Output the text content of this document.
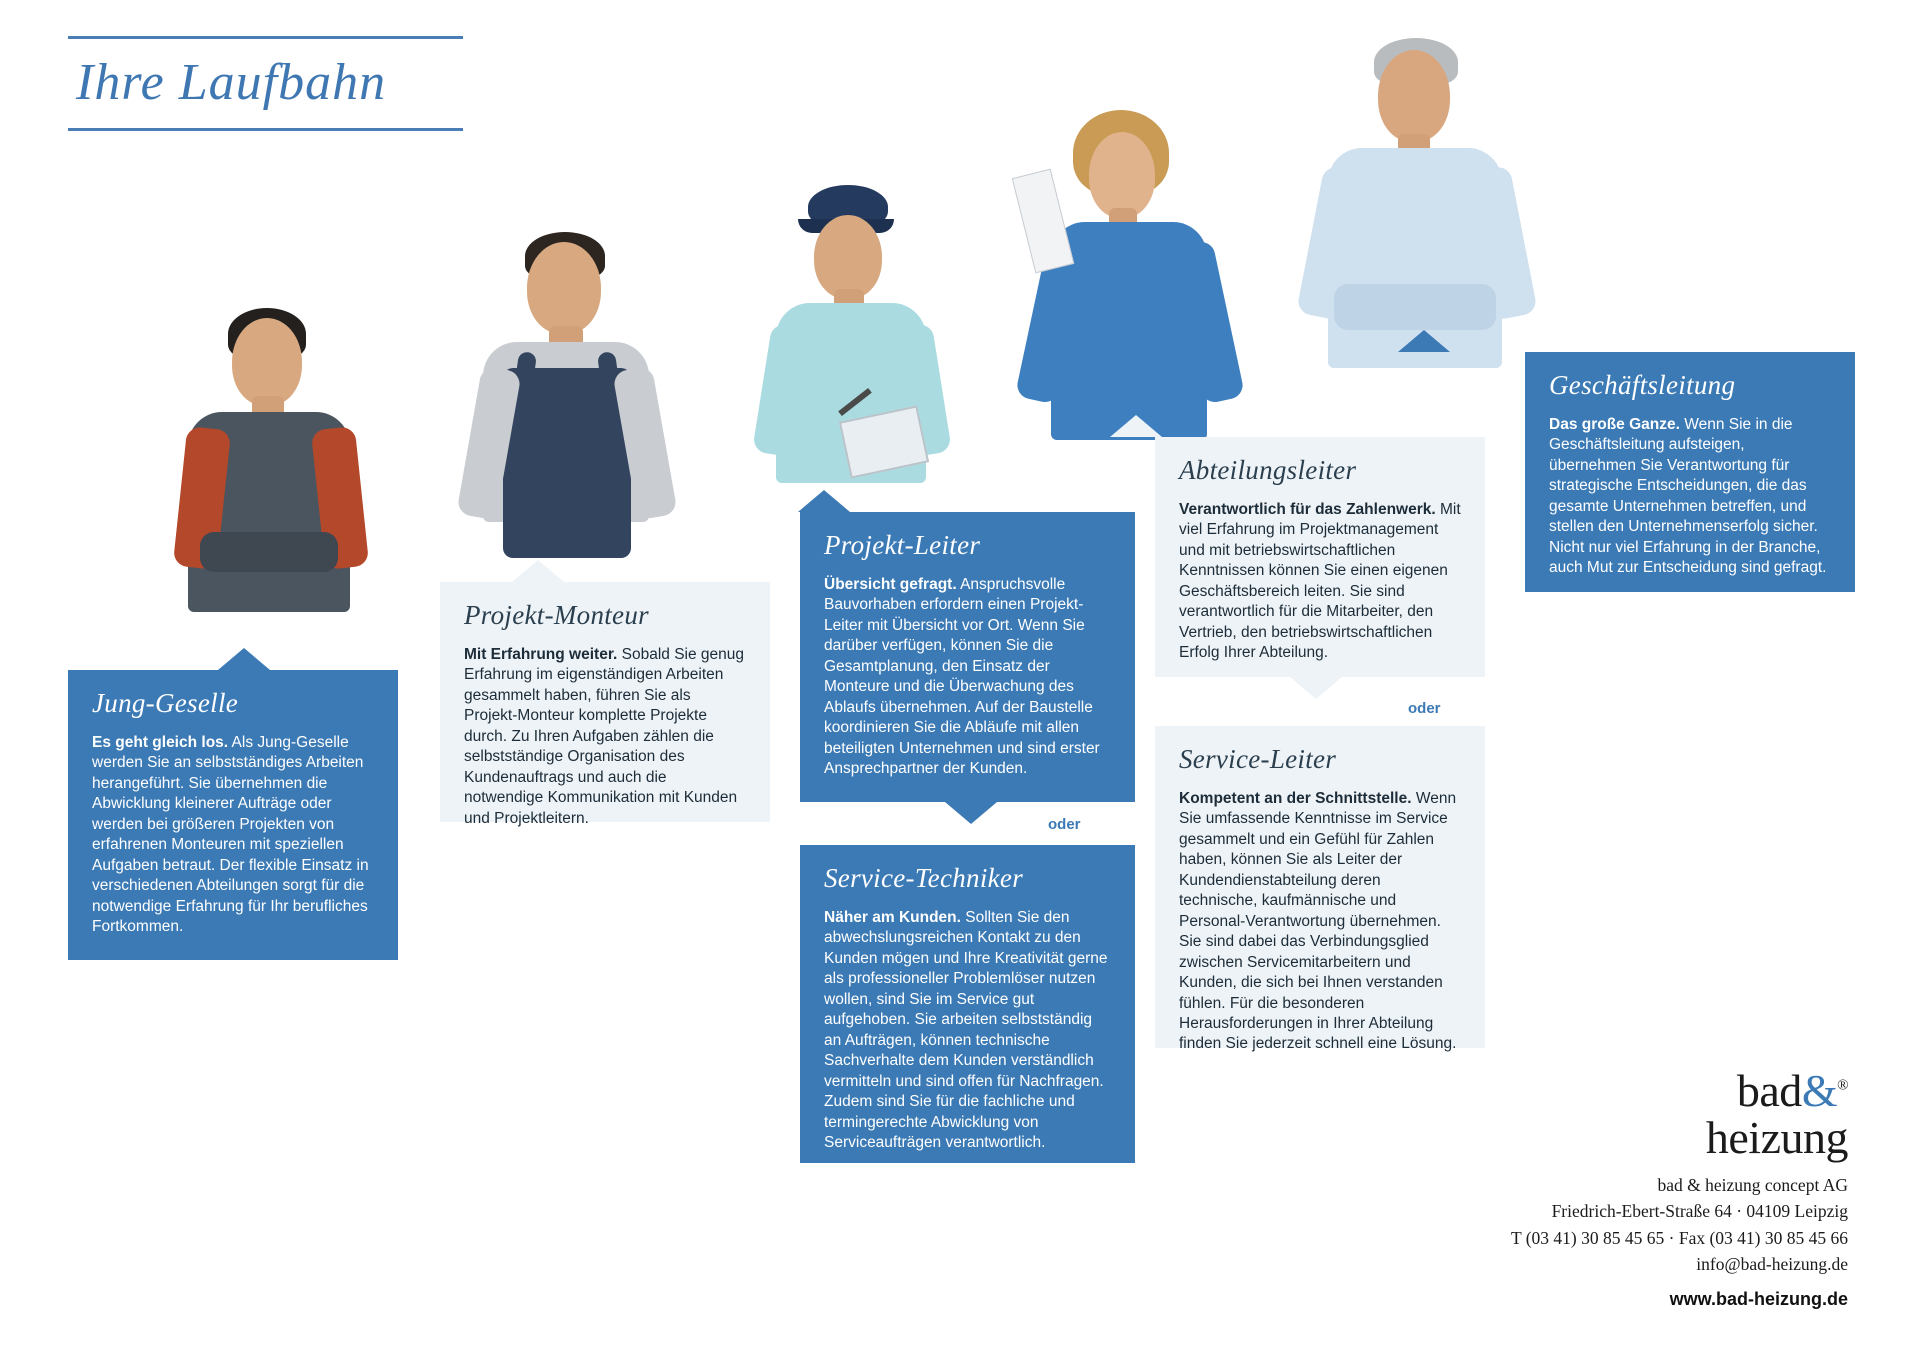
Ihre Laufbahn
Jung-Geselle

Es geht gleich los. Als Jung-Geselle werden Sie an selbstständiges Arbeiten herangeführt. Sie übernehmen die Abwicklung kleinerer Aufträge oder werden bei größeren Projekten von erfahrenen Monteuren mit speziellen Aufgaben betraut. Der flexible Einsatz in verschiedenen Abteilungen sorgt für die notwendige Erfahrung für Ihr berufliches Fortkommen.

Projekt-Monteur

Mit Erfahrung weiter. Sobald Sie genug Erfahrung im eigenständigen Arbeiten gesammelt haben, führen Sie als Projekt-Monteur komplette Projekte durch. Zu Ihren Aufgaben zählen die selbstständige Organisation des Kundenauftrags und auch die notwendige Kommunikation mit Kunden und Projektleitern.

Projekt-Leiter

Übersicht gefragt. Anspruchsvolle Bauvorhaben erfordern einen Projekt-Leiter mit Übersicht vor Ort. Wenn Sie darüber verfügen, können Sie die Gesamtplanung, den Einsatz der Monteure und die Überwachung des Ablaufs übernehmen. Auf der Baustelle koordinieren Sie die Abläufe mit allen beteiligten Unternehmen und sind erster Ansprechpartner der Kunden.

oder
Service-Techniker

Näher am Kunden. Sollten Sie den abwechslungsreichen Kontakt zu den Kunden mögen und Ihre Kreativität gerne als professioneller Problemlöser nutzen wollen, sind Sie im Service gut aufgehoben. Sie arbeiten selbstständig an Aufträgen, können technische Sachverhalte dem Kunden verständlich vermitteln und sind offen für Nachfragen. Zudem sind Sie für die fachliche und termingerechte Abwicklung von Serviceaufträgen verantwortlich.

Abteilungsleiter

Verantwortlich für das Zahlenwerk. Mit viel Erfahrung im Projektmanagement und mit betriebswirtschaftlichen Kenntnissen können Sie einen eigenen Geschäftsbereich leiten. Sie sind verantwortlich für die Mitarbeiter, den Vertrieb, den betriebswirtschaftlichen Erfolg Ihrer Abteilung.

oder
Service-Leiter

Kompetent an der Schnittstelle. Wenn Sie umfassende Kenntnisse im Service gesammelt und ein Gefühl für Zahlen haben, können Sie als Leiter der Kundendienstabteilung deren technische, kaufmännische und Personal-Verantwortung übernehmen. Sie sind dabei das Verbindungsglied zwischen Servicemitarbeitern und Kunden, die sich bei Ihnen verstanden fühlen. Für die besonderen Herausforderungen in Ihrer Abteilung finden Sie jederzeit schnell eine Lösung.

Geschäftsleitung

Das große Ganze. Wenn Sie in die Geschäftsleitung aufsteigen, übernehmen Sie Verantwortung für strategische Entscheidungen, die das gesamte Unternehmen betreffen, und stellen den Unternehmenserfolg sicher. Nicht nur viel Erfahrung in der Branche, auch Mut zur Entscheidung sind gefragt.

bad&®
heizung
bad & heizung concept AG
Friedrich-Ebert-Straße 64 · 04109 Leipzig
T (03 41) 30 85 45 65 · Fax (03 41) 30 85 45 66
info@bad-heizung.de
www.bad-heizung.de
